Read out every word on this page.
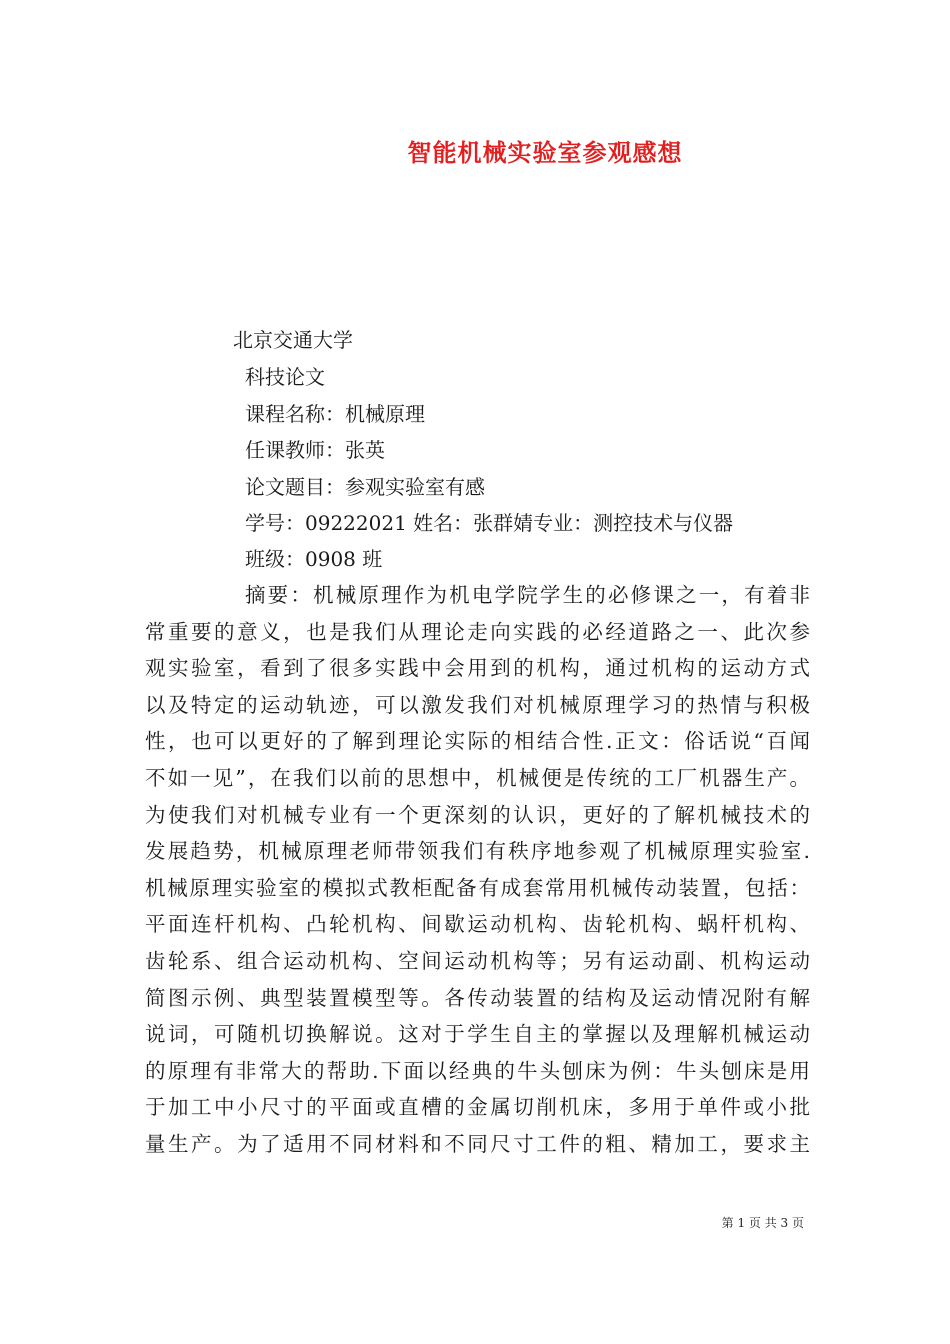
智能机械实验室参观感想
北京交通大学
科技论文
课程名称：机械原理
任课教师：张英
论文题目：参观实验室有感
学号：09222021 姓名：张群婧专业：测控技术与仪器
班级：0908 班
摘要：机械原理作为机电学院学生的必修课之一，有着非
常重要的意义，也是我们从理论走向实践的必经道路之一、此次参
观实验室，看到了很多实践中会用到的机构，通过机构的运动方式
以及特定的运动轨迹，可以激发我们对机械原理学习的热情与积极
性，也可以更好的了解到理论实际的相结合性.正文：俗话说“百闻
不如一见”，在我们以前的思想中，机械便是传统的工厂机器生产。
为使我们对机械专业有一个更深刻的认识，更好的了解机械技术的
发展趋势，机械原理老师带领我们有秩序地参观了机械原理实验室.
机械原理实验室的模拟式教柜配备有成套常用机械传动装置，包括：
平面连杆机构、凸轮机构、间歇运动机构、齿轮机构、蜗杆机构、
齿轮系、组合运动机构、空间运动机构等；另有运动副、机构运动
简图示例、典型装置模型等。各传动装置的结构及运动情况附有解
说词，可随机切换解说。这对于学生自主的掌握以及理解机械运动
的原理有非常大的帮助.下面以经典的牛头刨床为例：牛头刨床是用
于加工中小尺寸的平面或直槽的金属切削机床，多用于单件或小批
量生产。为了适用不同材料和不同尺寸工件的粗、精加工，要求主
第 1 页 共 3 页
